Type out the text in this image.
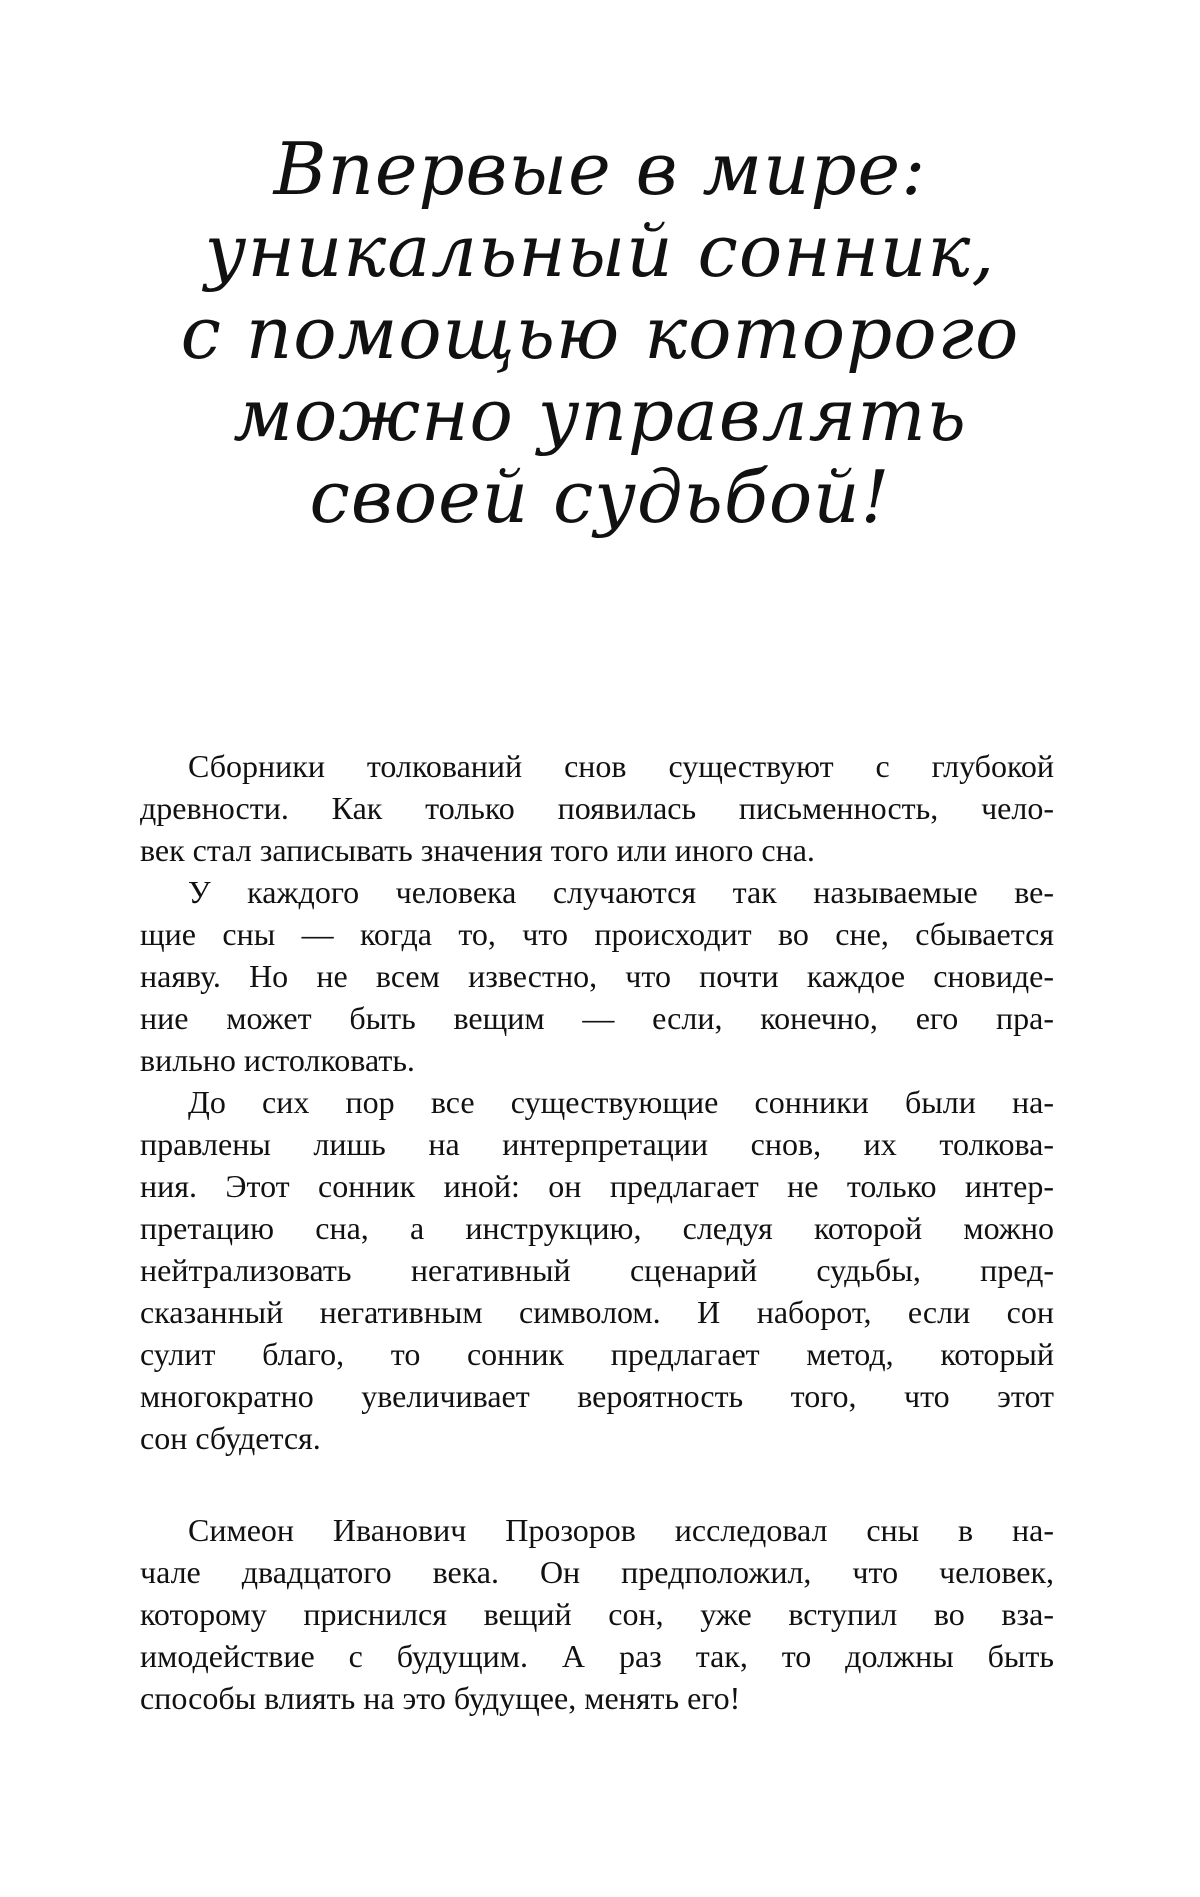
Впервые в мире:
уникальный сонник,
с помощью которого
можно управлять
своей судьбой!
Сборники толкований снов существуют с глубокой
древности. Как только появилась письменность, чело-
век стал записывать значения того или иного сна.
У каждого человека случаются так называемые ве-
щие сны — когда то, что происходит во сне, сбывается
наяву. Но не всем известно, что почти каждое сновиде-
ние может быть вещим — если, конечно, его пра-
вильно истолковать.
До сих пор все существующие сонники были на-
правлены лишь на интерпретации снов, их толкова-
ния. Этот сонник иной: он предлагает не только интер-
претацию сна, а инструкцию, следуя которой можно
нейтрализовать негативный сценарий судьбы, пред-
сказанный негативным символом. И наборот, если сон
сулит благо, то сонник предлагает метод, который
многократно увеличивает вероятность того, что этот
сон сбудется.
Симеон Иванович Прозоров исследовал сны в на-
чале двадцатого века. Он предположил, что человек,
которому приснился вещий сон, уже вступил во вза-
имодействие с будущим. А раз так, то должны быть
способы влиять на это будущее, менять его!
